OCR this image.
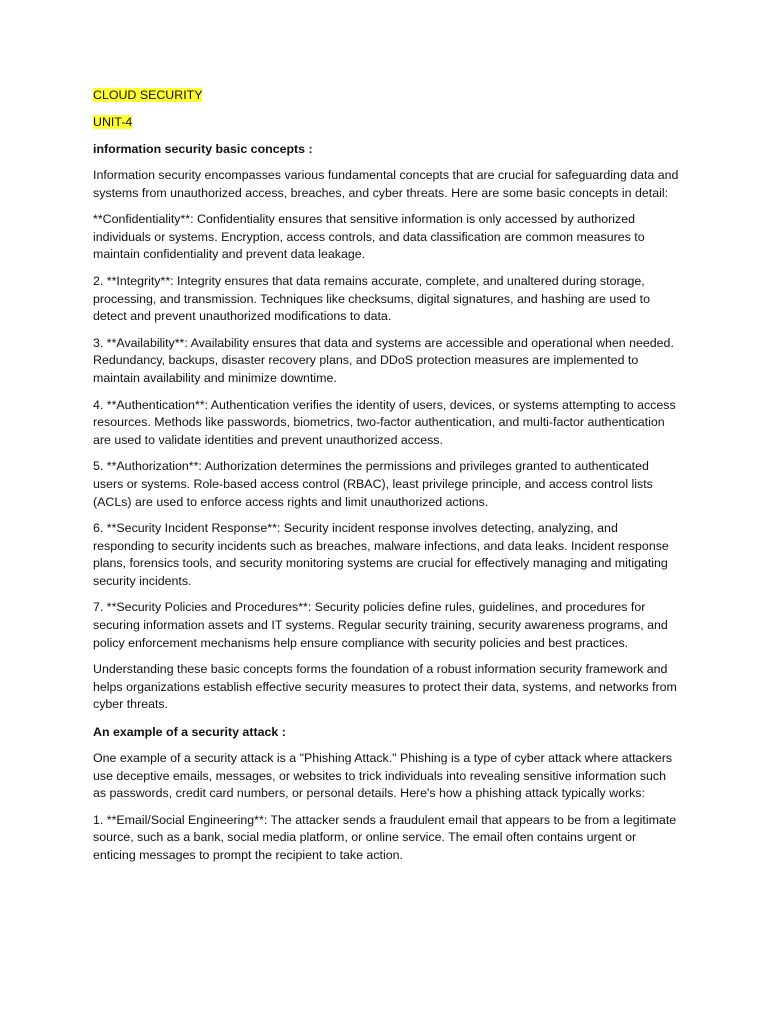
CLOUD SECURITY
UNIT-4
information security basic concepts :

Information security encompasses various fundamental concepts that are crucial for safeguarding data and systems from unauthorized access, breaches, and cyber threats. Here are some basic concepts in detail:

**Confidentiality**: Confidentiality ensures that sensitive information is only accessed by authorized individuals or systems. Encryption, access controls, and data classification are common measures to maintain confidentiality and prevent data leakage.

2. **Integrity**: Integrity ensures that data remains accurate, complete, and unaltered during storage, processing, and transmission. Techniques like checksums, digital signatures, and hashing are used to detect and prevent unauthorized modifications to data.

3. **Availability**: Availability ensures that data and systems are accessible and operational when needed. Redundancy, backups, disaster recovery plans, and DDoS protection measures are implemented to maintain availability and minimize downtime.

4. **Authentication**: Authentication verifies the identity of users, devices, or systems attempting to access resources. Methods like passwords, biometrics, two-factor authentication, and multi-factor authentication are used to validate identities and prevent unauthorized access.

5. **Authorization**: Authorization determines the permissions and privileges granted to authenticated users or systems. Role-based access control (RBAC), least privilege principle, and access control lists (ACLs) are used to enforce access rights and limit unauthorized actions.

6. **Security Incident Response**: Security incident response involves detecting, analyzing, and responding to security incidents such as breaches, malware infections, and data leaks. Incident response plans, forensics tools, and security monitoring systems are crucial for effectively managing and mitigating security incidents.

7. **Security Policies and Procedures**: Security policies define rules, guidelines, and procedures for securing information assets and IT systems. Regular security training, security awareness programs, and policy enforcement mechanisms help ensure compliance with security policies and best practices.

Understanding these basic concepts forms the foundation of a robust information security framework and helps organizations establish effective security measures to protect their data, systems, and networks from cyber threats.

An example of a security attack :

One example of a security attack is a "Phishing Attack." Phishing is a type of cyber attack where attackers use deceptive emails, messages, or websites to trick individuals into revealing sensitive information such as passwords, credit card numbers, or personal details. Here's how a phishing attack typically works:

1. **Email/Social Engineering**: The attacker sends a fraudulent email that appears to be from a legitimate source, such as a bank, social media platform, or online service. The email often contains urgent or enticing messages to prompt the recipient to take action.
